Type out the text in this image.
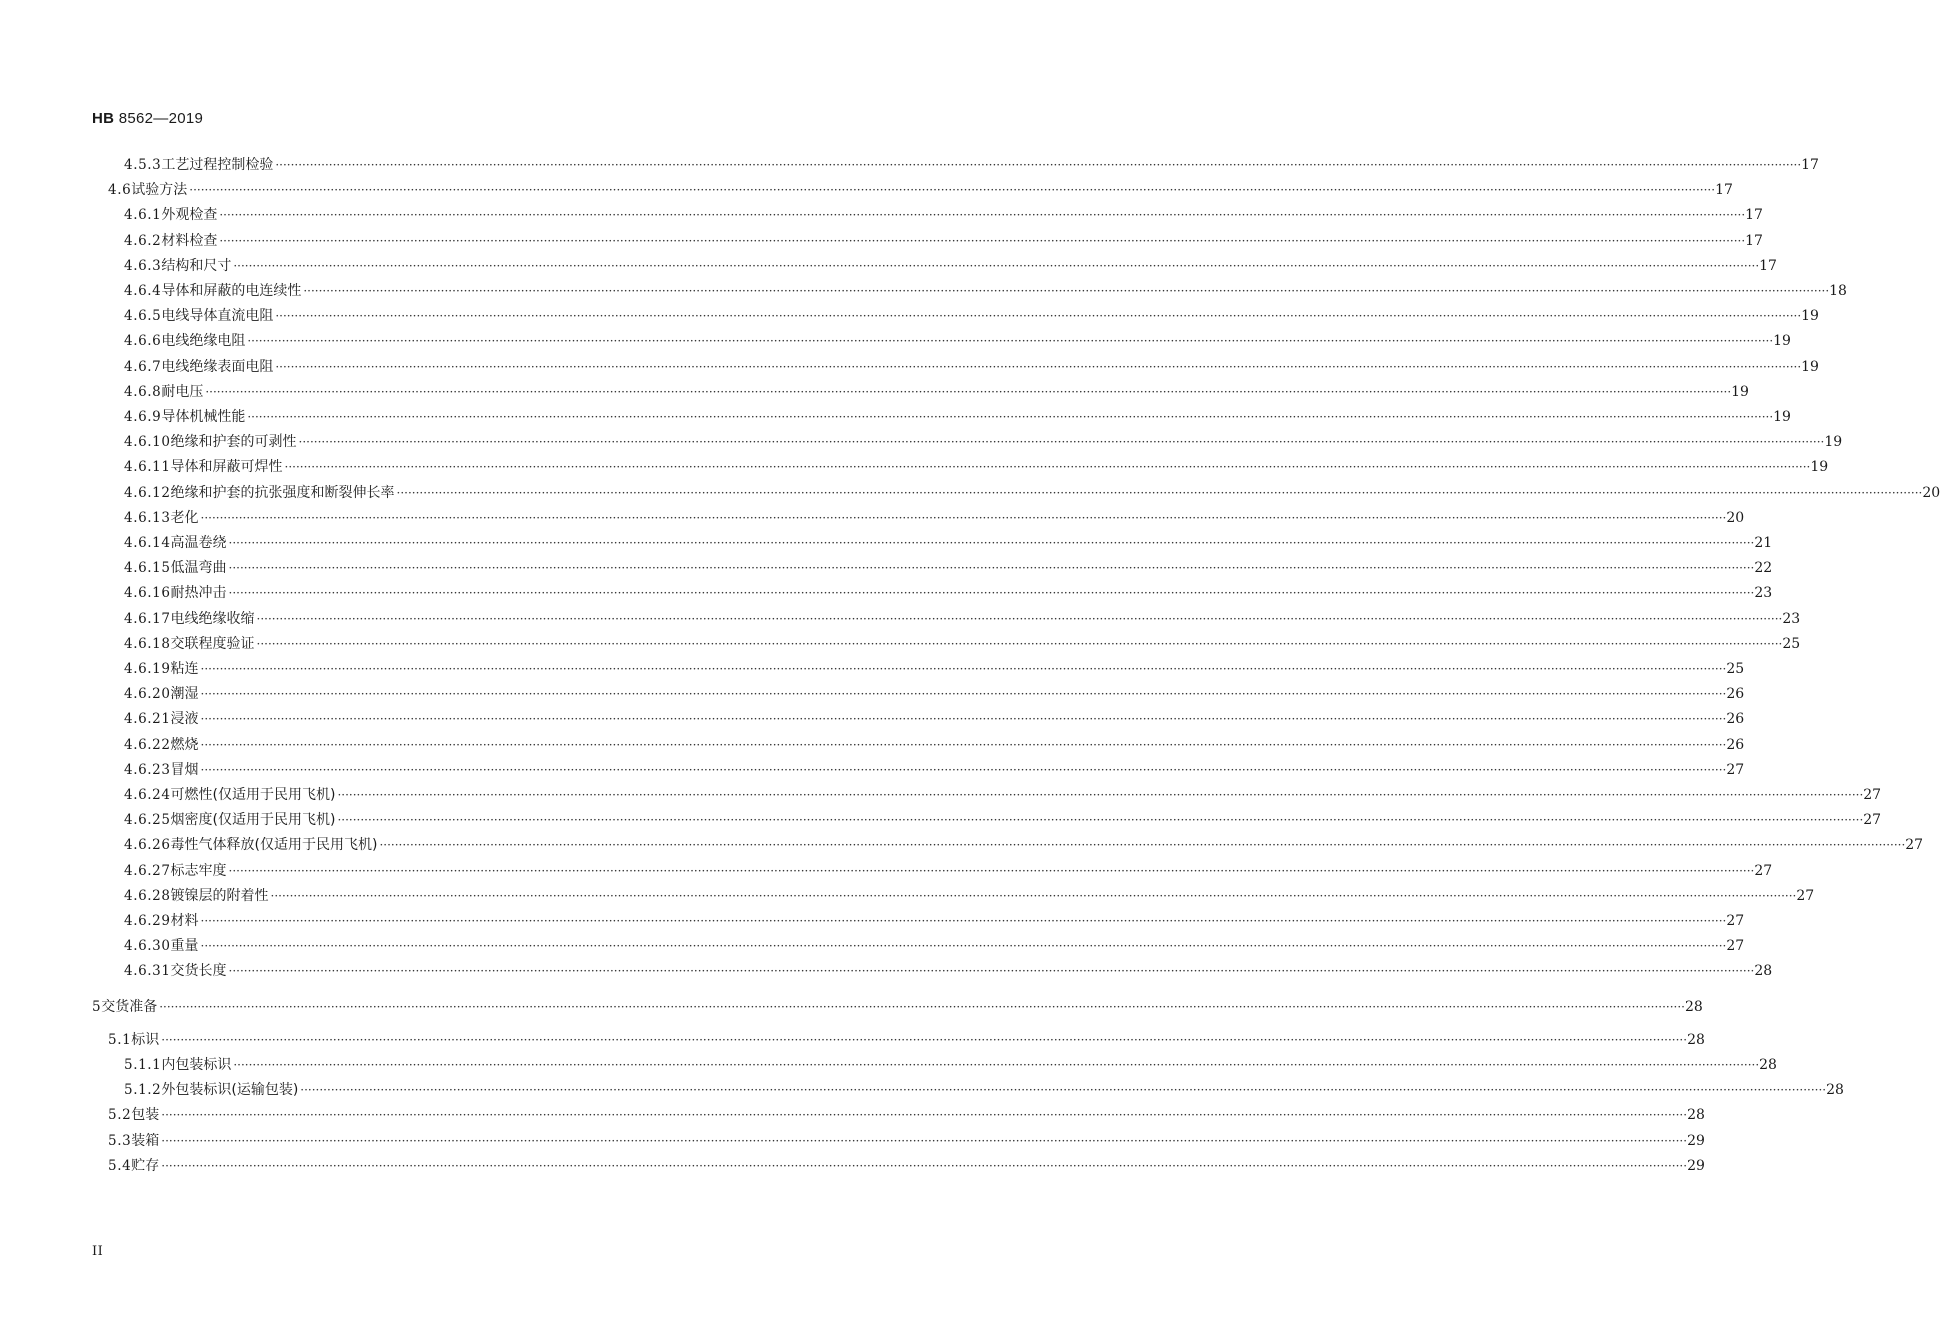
HB 8562—2019
4.5.3 工艺过程控制检验 ················································································································································································································································································································································································································ 17
4.6 试验方法 ················································································································································································································································································································································································································ 17
4.6.1 外观检查 ················································································································································································································································································································································································································ 17
4.6.2 材料检查 ················································································································································································································································································································································································································ 17
4.6.3 结构和尺寸 ················································································································································································································································································································································································································ 17
4.6.4 导体和屏蔽的电连续性 ················································································································································································································································································································································································································ 18
4.6.5 电线导体直流电阻 ················································································································································································································································································································································································································ 19
4.6.6 电线绝缘电阻 ················································································································································································································································································································································································································ 19
4.6.7 电线绝缘表面电阻 ················································································································································································································································································································································································································ 19
4.6.8 耐电压 ················································································································································································································································································································································································································ 19
4.6.9 导体机械性能 ················································································································································································································································································································································································································ 19
4.6.10 绝缘和护套的可剥性 ················································································································································································································································································································································································································ 19
4.6.11 导体和屏蔽可焊性 ················································································································································································································································································································································································································ 19
4.6.12 绝缘和护套的抗张强度和断裂伸长率 ················································································································································································································································································································································································································ 20
4.6.13 老化 ················································································································································································································································································································································································································ 20
4.6.14 高温卷绕 ················································································································································································································································································································································································································ 21
4.6.15 低温弯曲 ················································································································································································································································································································································································································ 22
4.6.16 耐热冲击 ················································································································································································································································································································································································································ 23
4.6.17 电线绝缘收缩 ················································································································································································································································································································································································································ 23
4.6.18 交联程度验证 ················································································································································································································································································································································································································ 25
4.6.19 粘连 ················································································································································································································································································································································································································ 25
4.6.20 潮湿 ················································································································································································································································································································································································································ 26
4.6.21 浸液 ················································································································································································································································································································································································································ 26
4.6.22 燃烧 ················································································································································································································································································································································································································ 26
4.6.23 冒烟 ················································································································································································································································································································································································································ 27
4.6.24 可燃性(仅适用于民用飞机) ················································································································································································································································································································································································································ 27
4.6.25 烟密度(仅适用于民用飞机) ················································································································································································································································································································································································································ 27
4.6.26 毒性气体释放(仅适用于民用飞机) ················································································································································································································································································································································································································ 27
4.6.27 标志牢度 ················································································································································································································································································································································································································ 27
4.6.28 镀镍层的附着性 ················································································································································································································································································································································································································ 27
4.6.29 材料 ················································································································································································································································································································································································································ 27
4.6.30 重量 ················································································································································································································································································································································································································ 27
4.6.31 交货长度 ················································································································································································································································································································································································································ 28
5 交货准备 ················································································································································································································································································································································································································ 28
5.1 标识 ················································································································································································································································································································································································································ 28
5.1.1 内包装标识 ················································································································································································································································································································································································································ 28
5.1.2 外包装标识(运输包装) ················································································································································································································································································································································································································ 28
5.2 包装 ················································································································································································································································································································································································································ 28
5.3 装箱 ················································································································································································································································································································································································································ 29
5.4 贮存 ················································································································································································································································································································································································································ 29
II
